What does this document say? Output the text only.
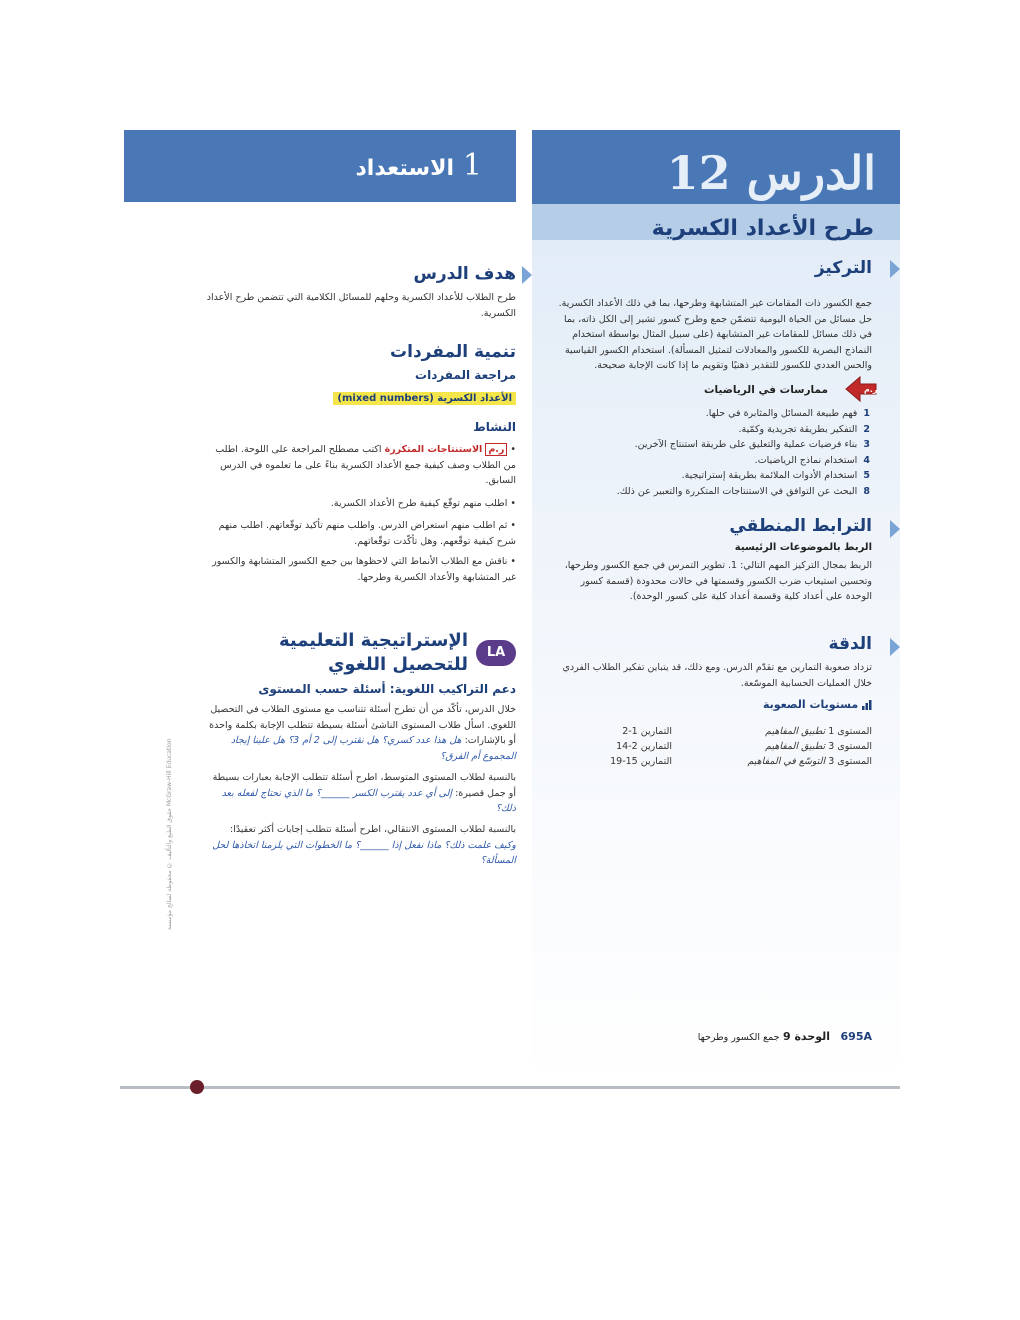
الدرس 12
طرح الأعداد الكسرية
1
الاستعداد
التركيز
جمع الكسور ذات المقامات غير المتشابهة وطرحها، بما في ذلك الأعداد الكسرية. حل مسائل من الحياة اليومية تتضمّن جمع وطرح كسور تشير إلى الكل ذاته، بما في ذلك مسائل للمقامات غير المتشابهة (على سبيل المثال بواسطة استخدام النماذج البصرية للكسور والمعادلات لتمثيل المسألة). استخدام الكسور القياسية والحس العددي للكسور للتقدير ذهنيًا وتقويم ما إذا كانت الإجابة صحيحة.
ر.م
ممارسات في الرياضيات
1  فهم طبيعة المسائل والمثابرة في حلها.
2  التفكير بطريقة تجريدية وكمّية.
3  بناء فرضيات عملية والتعليق على طريقة استنتاج الآخرين.
4  استخدام نماذج الرياضيات.
5  استخدام الأدوات الملائمة بطريقة إستراتيجية.
8  البحث عن التوافق في الاستنتاجات المتكررة والتعبير عن ذلك.
الترابط المنطقي
الربط بالموضوعات الرئيسية
الربط بمجال التركيز المهم التالي: 1. تطوير التمرس في جمع الكسور وطرحها، وتحسين استيعاب ضرب الكسور وقسمتها في حالات محدودة (قسمة كسور الوحدة على أعداد كلية وقسمة أعداد كلية على كسور الوحدة).
الدقة
تزداد صعوبة التمارين مع تقدّم الدرس. ومع ذلك، قد يتباين تفكير الطلاب الفردي خلال العمليات الحسابية الموسّعة.
مستويات الصعوبة
المستوى 1 تطبيق المفاهيم
التمارين 1-2
المستوى 3 تطبيق المفاهيم
التمارين 2-14
المستوى 3 التوسّع في المفاهيم
التمارين 15-19
هدف الدرس
طرح الطلاب للأعداد الكسرية وحلهم للمسائل الكلامية التي تتضمن طرح الأعداد الكسرية.
تنمية المفردات
مراجعة المفردات
الأعداد الكسرية (mixed numbers)
النشاط
• ر.م الاستنتاجات المتكررة اكتب مصطلح المراجعة على اللوحة. اطلب من الطلاب وصف كيفية جمع الأعداد الكسرية بناءً على ما تعلموه في الدرس السابق.
• اطلب منهم توقّع كيفية طرح الأعداد الكسرية.
• ثم اطلب منهم استعراض الدرس. واطلب منهم تأكيد توقّعاتهم. اطلب منهم شرح كيفية توقّعهم. وهل تأكّدت توقّعاتهم.
• ناقش مع الطلاب الأنماط التي لاحظوها بين جمع الكسور المتشابهة والكسور غير المتشابهة والأعداد الكسرية وطرحها.
LA
الإستراتيجية التعليمية
للتحصيل اللغوي
دعم التراكيب اللغوية: أسئلة حسب المستوى
خلال الدرس، تأكّد من أن تطرح أسئلة تتناسب مع مستوى الطلاب في التحصيل اللغوي. اسأل طلاب المستوى الناشئ أسئلة بسيطة تتطلب الإجابة بكلمة واحدة أو بالإشارات: هل هذا عدد كسري؟ هل نقترب إلى 2 أم 3؟ هل علينا إيجاد المجموع أم الفرق؟
بالنسبة لطلاب المستوى المتوسط، اطرح أسئلة تتطلب الإجابة بعبارات بسيطة أو جمل قصيرة: إلى أي عدد يقترب الكسر ______؟ ما الذي نحتاج لفعله بعد ذلك؟
بالنسبة لطلاب المستوى الانتقالي، اطرح أسئلة تتطلب إجابات أكثر تعقيدًا: وكيف علمت ذلك؟ ماذا نفعل إذا ______؟ ما الخطوات التي يلزمنا اتخاذها لحل المسألة؟
695A   الوحدة 9 جمع الكسور وطرحها
حقوق الطبع والتأليف © محفوظة لصالح مؤسسة McGraw-Hill Education
